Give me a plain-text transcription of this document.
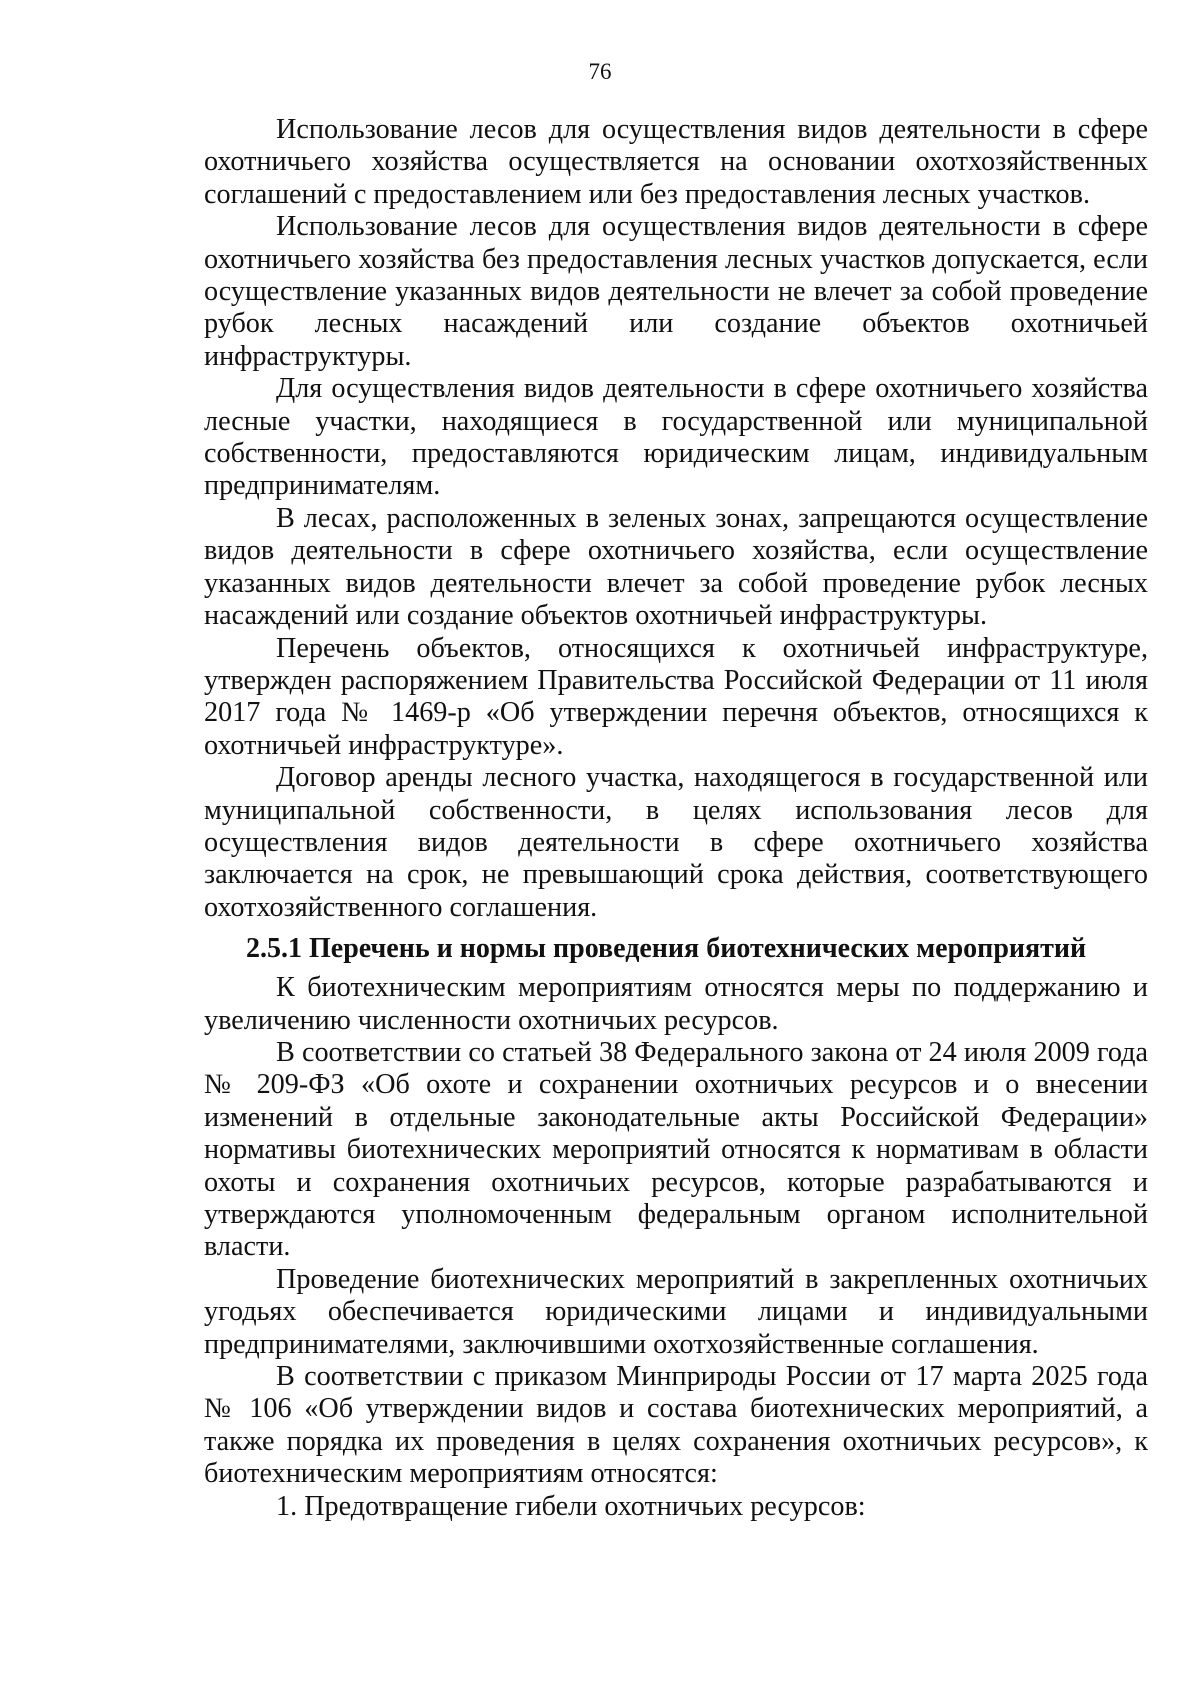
76

Использование лесов для осуществления видов деятельности в сфере охотничьего хозяйства осуществляется на основании охотхозяйственных соглашений с предоставлением или без предоставления лесных участков.

Использование лесов для осуществления видов деятельности в сфере охотничьего хозяйства без предоставления лесных участков допускается, если осуществление указанных видов деятельности не влечет за собой проведение рубок лесных насаждений или создание объектов охотничьей инфраструктуры.

Для осуществления видов деятельности в сфере охотничьего хозяйства лесные участки, находящиеся в государственной или муниципальной собственности, предоставляются юридическим лицам, индивидуальным предпринимателям.

В лесах, расположенных в зеленых зонах, запрещаются осуществление видов деятельности в сфере охотничьего хозяйства, если осуществление указанных видов деятельности влечет за собой проведение рубок лесных насаждений или создание объектов охотничьей инфраструктуры.

Перечень объектов, относящихся к охотничьей инфраструктуре, утвержден распоряжением Правительства Российской Федерации от 11 июля 2017 года № 1469-р «Об утверждении перечня объектов, относящихся к охотничьей инфраструктуре».

Договор аренды лесного участка, находящегося в государственной или муниципальной собственности, в целях использования лесов для осуществления видов деятельности в сфере охотничьего хозяйства заключается на срок, не превышающий срока действия, соответствующего охотхозяйственного соглашения.

2.5.1 Перечень и нормы проведения биотехнических мероприятий

К биотехническим мероприятиям относятся меры по поддержанию и увеличению численности охотничьих ресурсов.

В соответствии со статьей 38 Федерального закона от 24 июля 2009 года № 209-ФЗ «Об охоте и сохранении охотничьих ресурсов и о внесении изменений в отдельные законодательные акты Российской Федерации» нормативы биотехнических мероприятий относятся к нормативам в области охоты и сохранения охотничьих ресурсов, которые разрабатываются и утверждаются уполномоченным федеральным органом исполнительной власти.

Проведение биотехнических мероприятий в закрепленных охотничьих угодьях обеспечивается юридическими лицами и индивидуальными предпринимателями, заключившими охотхозяйственные соглашения.

В соответствии с приказом Минприроды России от 17 марта 2025 года № 106 «Об утверждении видов и состава биотехнических мероприятий, а также порядка их проведения в целях сохранения охотничьих ресурсов», к биотехническим мероприятиям относятся:

1. Предотвращение гибели охотничьих ресурсов:
